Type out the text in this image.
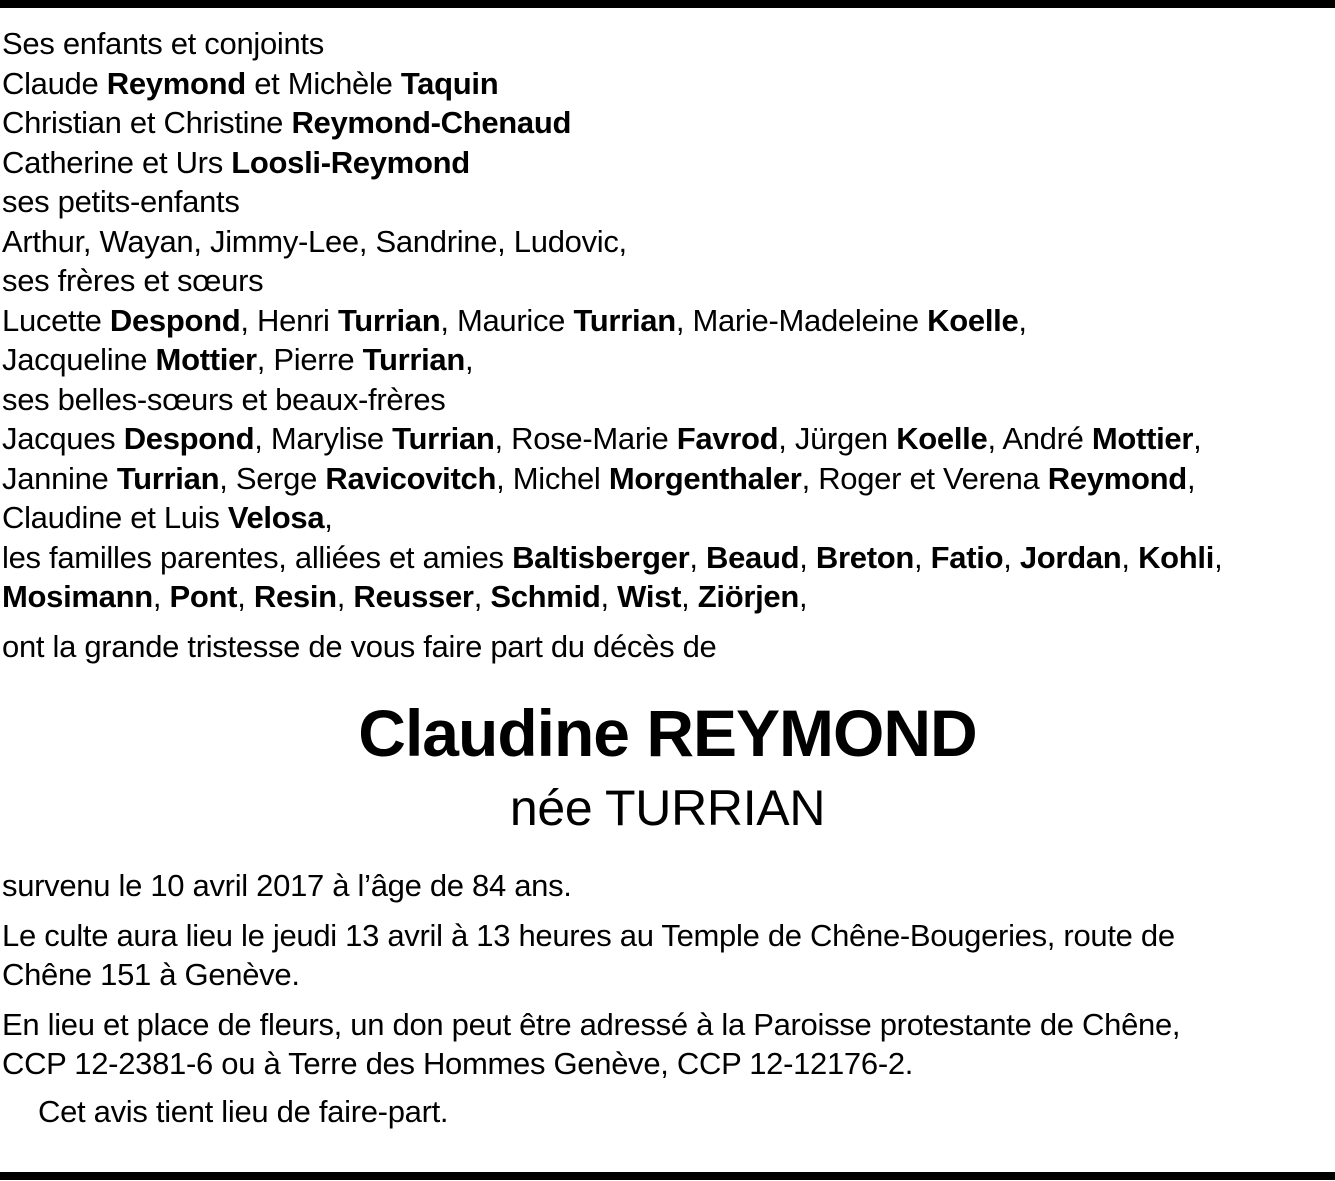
Ses enfants et conjoints
Claude Reymond et Michèle Taquin
Christian et Christine Reymond-Chenaud
Catherine et Urs Loosli-Reymond
ses petits-enfants
Arthur, Wayan, Jimmy-Lee, Sandrine, Ludovic,
ses frères et sœurs
Lucette Despond, Henri Turrian, Maurice Turrian, Marie-Madeleine Koelle,
Jacqueline Mottier, Pierre Turrian,
ses belles-sœurs et beaux-frères
Jacques Despond, Marylise Turrian, Rose-Marie Favrod, Jürgen Koelle, André Mottier,
Jannine Turrian, Serge Ravicovitch, Michel Morgenthaler, Roger et Verena Reymond,
Claudine et Luis Velosa,
les familles parentes, alliées et amies Baltisberger, Beaud, Breton, Fatio, Jordan, Kohli,
Mosimann, Pont, Resin, Reusser, Schmid, Wist, Ziörjen,
ont la grande tristesse de vous faire part du décès de
Claudine REYMOND
née TURRIAN
survenu le 10 avril 2017 à l’âge de 84 ans.
Le culte aura lieu le jeudi 13 avril à 13 heures au Temple de Chêne-Bougeries, route de
Chêne 151 à Genève.
En lieu et place de fleurs, un don peut être adressé à la Paroisse protestante de Chêne,
CCP 12-2381-6 ou à Terre des Hommes Genève, CCP 12-12176-2.
Cet avis tient lieu de faire-part.
